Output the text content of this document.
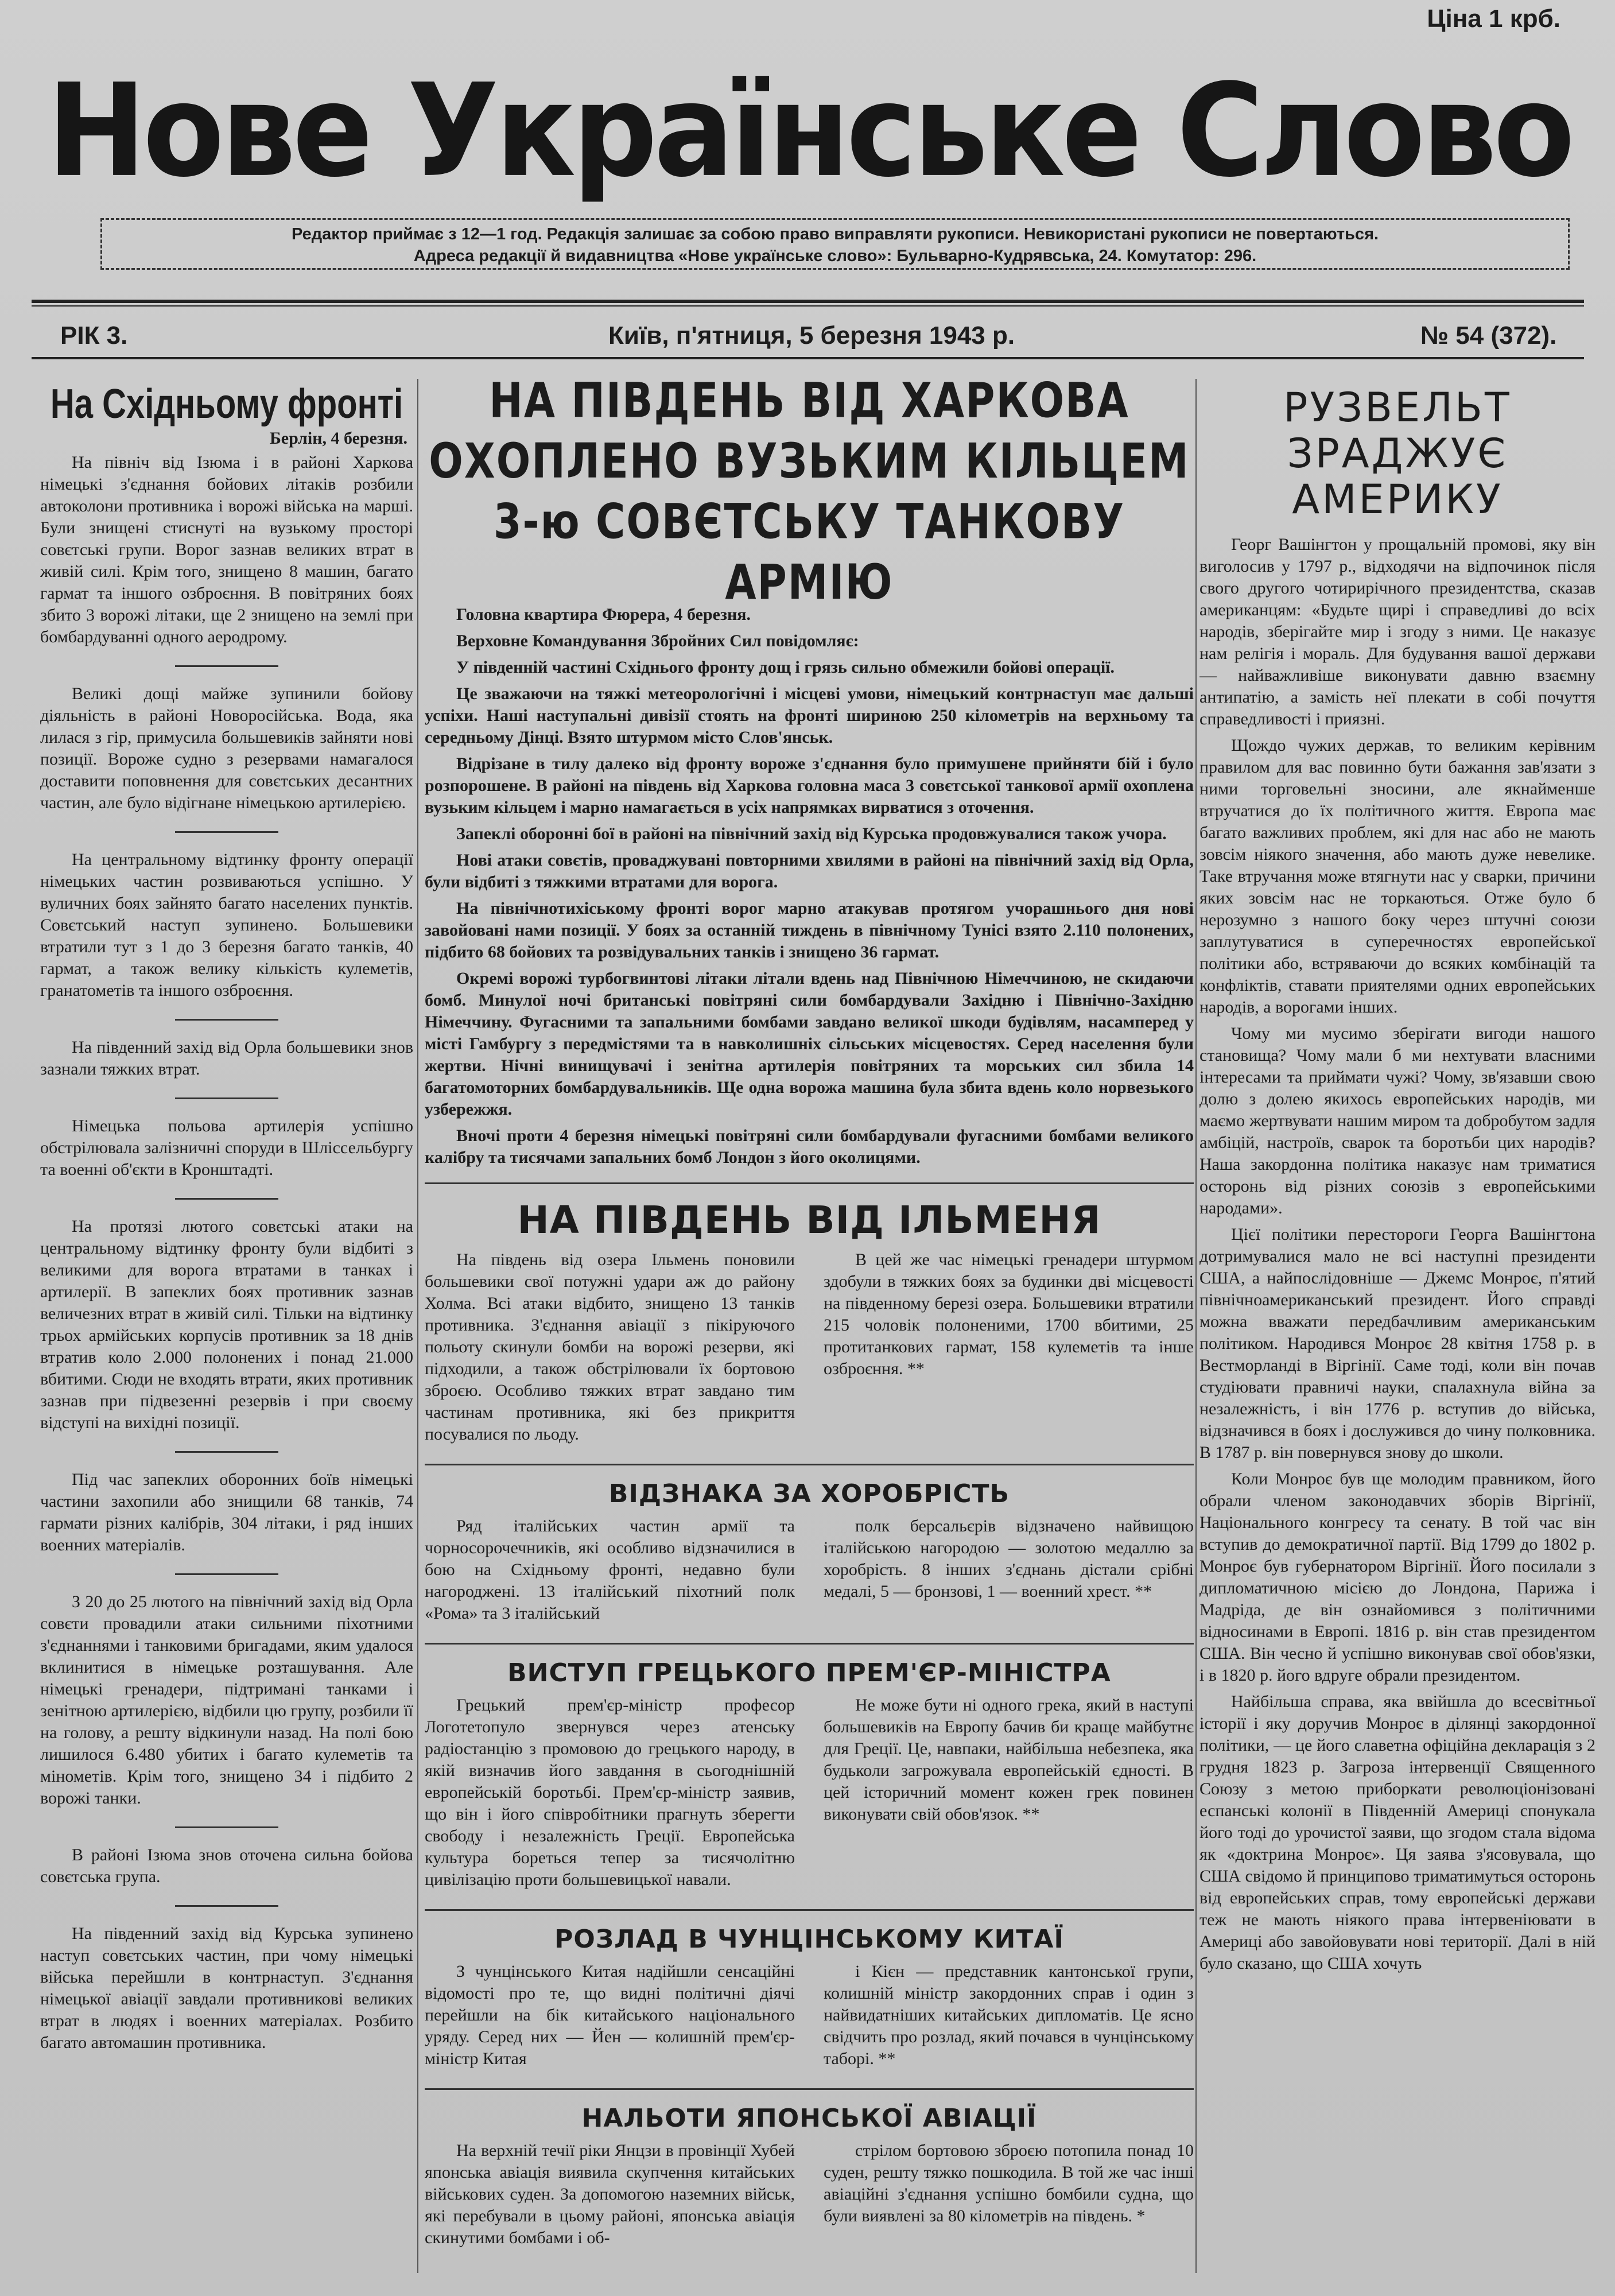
Ціна 1 крб.
Нове Українське Слово
Редактор приймає з 12—1 год. Редакція залишає за собою право виправляти рукописи. Невикористані рукописи не повертаються.
Адреса редакції й видавництва «Нове українське слово»: Бульварно-Кудрявська, 24. Комутатор: 296.
РІК 3.	Київ, п'ятниця, 5 березня 1943 р.	№ 54 (372).
На Східньому фронті
Берлін, 4 березня.

На північ від Ізюма і в районі Харкова німецькі з'єднання бойових літаків розбили автоколони противника і ворожі війська на марші. Були знищені стиснуті на вузькому просторі совєтські групи. Ворог зазнав великих втрат в живій силі. Крім того, знищено 8 машин, багато гармат та іншого озброєння. В повітряних боях збито 3 ворожі літаки, ще 2 знищено на землі при бомбардуванні одного аеродрому.

Великі дощі майже зупинили бойову діяльність в районі Новоросійська. Вода, яка лилася з гір, примусила большевиків зайняти нові позиції. Вороже судно з резервами намагалося доставити поповнення для совєтських десантних частин, але було відігнане німецькою артилерією.

На центральному відтинку фронту операції німецьких частин розвиваються успішно. У вуличних боях зайнято багато населених пунктів. Совєтський наступ зупинено. Большевики втратили тут з 1 до 3 березня багато танків, 40 гармат, а також велику кількість кулеметів, гранатометів та іншого озброєння.

На південний захід від Орла большевики знов зазнали тяжких втрат.

Німецька польова артилерія успішно обстрілювала залізничні споруди в Шліссельбургу та военні об'єкти в Кронштадті.

На протязі лютого совєтські атаки на центральному відтинку фронту були відбиті з великими для ворога втратами в танках і артилерії. В запеклих боях противник зазнав величезних втрат в живій силі. Тільки на відтинку трьох армійських корпусів противник за 18 днів втратив коло 2.000 полонених і понад 21.000 вбитими. Сюди не входять втрати, яких противник зазнав при підвезенні резервів і при своєму відступі на вихідні позиції.

Під час запеклих оборонних боїв німецькі частини захопили або знищили 68 танків, 74 гармати різних калібрів, 304 літаки, і ряд інших военних матеріалів.

З 20 до 25 лютого на північний захід від Орла совєти провадили атаки сильними піхотними з'єднаннями і танковими бригадами, яким удалося вклинитися в німецьке розташування. Але німецькі гренадери, підтримані танками і зенітною артилерією, відбили цю групу, розбили її на голову, а решту відкинули назад. На полі бою лишилося 6.480 убитих і багато кулеметів та мінометів. Крім того, знищено 34 і підбито 2 ворожі танки.

В районі Ізюма знов оточена сильна бойова совєтська група.

На південний захід від Курська зупинено наступ совєтських частин, при чому німецькі війська перейшли в контрнаступ. З'єднання німецької авіації завдали противникові великих втрат в людях і военних матеріалах. Розбито багато автомашин противника.

НА ПІВДЕНЬ ВІД ХАРКОВА ОХОПЛЕНО ВУЗЬКИМ КІЛЬЦЕМ 3-ю СОВЄТСЬКУ ТАНКОВУ АРМІЮ

Головна квартира Фюрера, 4 березня.

Верховне Командування Збройних Сил повідомляє:

У південній частині Східнього фронту дощ і грязь сильно обмежили бойові операції.

Це зважаючи на тяжкі метеорологічні і місцеві умови, німецький контрнаступ має дальші успіхи. Наші наступальні дивізії стоять на фронті шириною 250 кілометрів на верхньому та середньому Дінці. Взято штурмом місто Слов'янськ.

Відрізане в тилу далеко від фронту вороже з'єднання було примушене прийняти бій і було розпорошене. В районі на південь від Харкова головна маса 3 совєтської танкової армії охоплена вузьким кільцем і марно намагається в усіх напрямках вирватися з оточення.

Запеклі оборонні бої в районі на північний захід від Курська продовжувалися також учора.

Нові атаки совєтів, проваджувані повторними хвилями в районі на північний захід від Орла, були відбиті з тяжкими втратами для ворога.

На північнотихіському фронті ворог марно атакував протягом учорашнього дня нові завойовані нами позиції. У боях за останній тиждень в північному Тунісі взято 2.110 полонених, підбито 68 бойових та розвідувальних танків і знищено 36 гармат.

Окремі ворожі турбогвинтові літаки літали вдень над Північною Німеччиною, не скидаючи бомб. Минулої ночі британські повітряні сили бомбардували Західню і Північно-Західню Німеччину. Фугасними та запальними бомбами завдано великої шкоди будівлям, насамперед у місті Гамбургу з передмістями та в навколишніх сільських місцевостях. Серед населення були жертви. Нічні винищувачі і зенітна артилерія повітряних та морських сил збила 14 багатомоторних бомбардувальників. Ще одна ворожа машина була збита вдень коло норвезького узбережжя.

Вночі проти 4 березня німецькі повітряні сили бомбардували фугасними бомбами великого калібру та тисячами запальних бомб Лондон з його околицями.

НА ПІВДЕНЬ ВІД ІЛЬМЕНЯ

На південь від озера Ільмень поновили большевики свої потужні удари аж до району Холма. Всі атаки відбито, знищено 13 танків противника. З'єднання авіації з пікіруючого польоту скинули бомби на ворожі резерви, які підходили, а також обстрілювали їх бортовою зброєю. Особливо тяжких втрат завдано тим частинам противника, які без прикриття посувалися по льоду.

В цей же час німецькі гренадери штурмом здобули в тяжких боях за будинки дві місцевості на південному березі озера. Большевики втратили 215 чоловік полоненими, 1700 вбитими, 25 протитанкових гармат, 158 кулеметів та інше озброєння. **

ВІДЗНАКА ЗА ХОРОБРІСТЬ

Ряд італійських частин армії та чорносорочечників, які особливо відзначилися в бою на Східньому фронті, недавно були нагороджені. 13 італійський піхотний полк «Рома» та 3 італійський

полк берсальєрів відзначено найвищою італійською нагородою — золотою медаллю за хоробрість. 8 інших з'єднань дістали срібні медалі, 5 — бронзові, 1 — военний хрест. **

ВИСТУП ГРЕЦЬКОГО ПРЕМ'ЄР-МІНІСТРА

Грецький прем'єр-міністр професор Логотетопуло звернувся через атенську радіостанцію з промовою до грецького народу, в якій визначив його завдання в сьогоднішній европейській боротьбі. Прем'єр-міністр заявив, що він і його співробітники прагнуть зберегти свободу і незалежність Греції. Европейська культура бореться тепер за тисячолітню цивілізацію проти большевицької навали.

Не може бути ні одного грека, який в наступі большевиків на Европу бачив би краще майбутнє для Греції. Це, навпаки, найбільша небезпека, яка будьколи загрожувала европейській єдності. В цей історичний момент кожен грек повинен виконувати свій обов'язок. **

РОЗЛАД В ЧУНЦІНСЬКОМУ КИТАЇ

З чунцінського Китая надійшли сенсаційні відомості про те, що видні політичні діячі перейшли на бік китайського національного уряду. Серед них — Йен — колишній прем'єр-міністр Китая

і Кієн — представник кантонської групи, колишній міністр закордонних справ і один з найвидатніших китайських дипломатів. Це ясно свідчить про розлад, який почався в чунцінському таборі. **

НАЛЬОТИ ЯПОНСЬКОЇ АВІАЦІЇ

На верхній течії ріки Янцзи в провінції Хубей японська авіація виявила скупчення китайських військових суден. За допомогою наземних військ, які перебували в цьому районі, японська авіація скинутими бомбами і об-

стрілом бортовою зброєю потопила понад 10 суден, решту тяжко пошкодила. В той же час інші авіаційні з'єднання успішно бомбили судна, що були виявлені за 80 кілометрів на південь. *

РУЗВЕЛЬТ ЗРАДЖУЄ АМЕРИКУ

Георг Вашінгтон у прощальній промові, яку він виголосив у 1797 р., відходячи на відпочинок після свого другого чотирирічного президентства, сказав американцям: «Будьте щирі і справедливі до всіх народів, зберігайте мир і згоду з ними. Це наказує нам релігія і мораль. Для будування вашої держави — найважливіше виконувати давню взаємну антипатію, а замість неї плекати в собі почуття справедливості і приязні.

Щождо чужих держав, то великим керівним правилом для вас повинно бути бажання зав'язати з ними торговельні зносини, але якнайменше втручатися до їх політичного життя. Европа має багато важливих проблем, які для нас або не мають зовсім ніякого значення, або мають дуже невелике. Таке втручання може втягнути нас у сварки, причини яких зовсім нас не торкаються. Отже було б нерозумно з нашого боку через штучні союзи заплутуватися в суперечностях европейської політики або, встряваючи до всяких комбінацій та конфліктів, ставати приятелями одних европейських народів, а ворогами інших.

Чому ми мусимо зберігати вигоди нашого становища? Чому мали б ми нехтувати власними інтересами та приймати чужі? Чому, зв'язавши свою долю з долею якихось европейських народів, ми маємо жертвувати нашим миром та добробутом задля амбіцій, настроїв, сварок та боротьби цих народів? Наша закордонна політика наказує нам триматися осторонь від різних союзів з европейськими народами».

Цієї політики перестороги Георга Вашінгтона дотримувалися мало не всі наступні президенти США, а найпослідовніше — Джемс Монроє, п'ятий північноамериканський президент. Його справді можна вважати передбачливим американським політиком. Народився Монроє 28 квітня 1758 р. в Вестморланді в Віргінії. Саме тоді, коли він почав студіювати правничі науки, спалахнула війна за незалежність, і він 1776 р. вступив до війська, відзначився в боях і дослужився до чину полковника. В 1787 р. він повернувся знову до школи.

Коли Монроє був ще молодим правником, його обрали членом законодавчих зборів Віргінії, Національного конгресу та сенату. В той час він вступив до демократичної партії. Від 1799 до 1802 р. Монроє був губернатором Віргінії. Його посилали з дипломатичною місією до Лондона, Парижа і Мадріда, де він ознайомився з політичними відносинами в Европі. 1816 р. він став президентом США. Він чесно й успішно виконував свої обов'язки, і в 1820 р. його вдруге обрали президентом.

Найбільша справа, яка ввійшла до всесвітньої історії і яку доручив Монроє в ділянці закордонної політики, — це його славетна офіційна декларація з 2 грудня 1823 р. Загроза інтервенції Священного Союзу з метою приборкати революціонізовані еспанські колонії в Південній Америці спонукала його тоді до урочистої заяви, що згодом стала відома як «доктрина Монроє». Ця заява з'ясовувала, що США свідомо й принципово триматимуться осторонь від европейських справ, тому европейські держави теж не мають ніякого права інтервеніювати в Америці або завойовувати нові території. Далі в ній було сказано, що США хочуть
